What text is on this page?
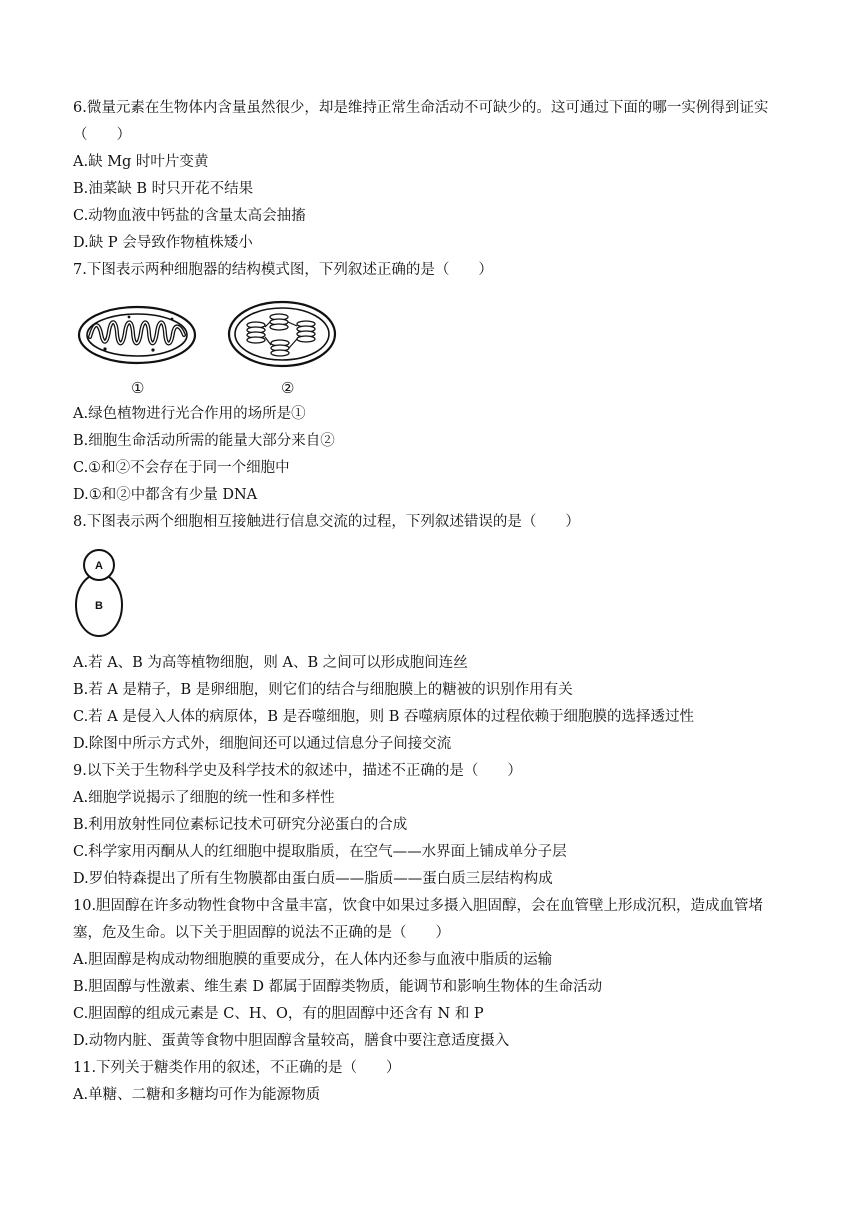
6.微量元素在生物体内含量虽然很少，却是维持正常生命活动不可缺少的。这可通过下面的哪一实例得到证实
（　　）
A.缺 Mg 时叶片变黄
B.油菜缺 B 时只开花不结果
C.动物血液中钙盐的含量太高会抽搐
D.缺 P 会导致作物植株矮小
7.下图表示两种细胞器的结构模式图，下列叙述正确的是（　　）
①	②
A.绿色植物进行光合作用的场所是①
B.细胞生命活动所需的能量大部分来自②
C.①和②不会存在于同一个细胞中
D.①和②中都含有少量 DNA
8.下图表示两个细胞相互接触进行信息交流的过程，下列叙述错误的是（　　）
A
B
A.若 A、B 为高等植物细胞，则 A、B 之间可以形成胞间连丝
B.若 A 是精子，B 是卵细胞，则它们的结合与细胞膜上的糖被的识别作用有关
C.若 A 是侵入人体的病原体，B 是吞噬细胞，则 B 吞噬病原体的过程依赖于细胞膜的选择透过性
D.除图中所示方式外，细胞间还可以通过信息分子间接交流
9.以下关于生物科学史及科学技术的叙述中，描述不正确的是（　　）
A.细胞学说揭示了细胞的统一性和多样性
B.利用放射性同位素标记技术可研究分泌蛋白的合成
C.科学家用丙酮从人的红细胞中提取脂质，在空气——水界面上铺成单分子层
D.罗伯特森提出了所有生物膜都由蛋白质——脂质——蛋白质三层结构构成
10.胆固醇在许多动物性食物中含量丰富，饮食中如果过多摄入胆固醇，会在血管壁上形成沉积，造成血管堵
塞，危及生命。以下关于胆固醇的说法不正确的是（　　）
A.胆固醇是构成动物细胞膜的重要成分，在人体内还参与血液中脂质的运输
B.胆固醇与性激素、维生素 D 都属于固醇类物质，能调节和影响生物体的生命活动
C.胆固醇的组成元素是 C、H、O，有的胆固醇中还含有 N 和 P
D.动物内脏、蛋黄等食物中胆固醇含量较高，膳食中要注意适度摄入
11.下列关于糖类作用的叙述，不正确的是（　　）
A.单糖、二糖和多糖均可作为能源物质
